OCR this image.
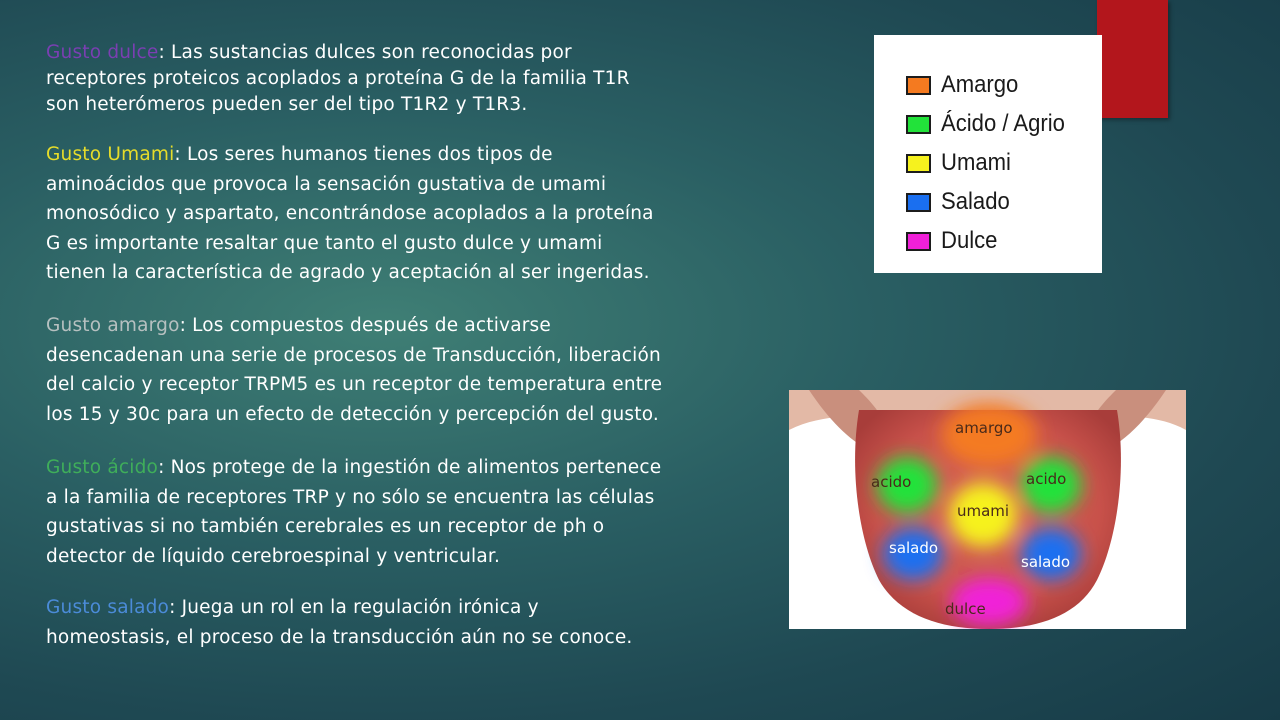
Gusto dulce: Las sustancias dulces son reconocidas por receptores proteicos acoplados a proteína G de la familia T1R son heterómeros pueden ser del tipo T1R2 y T1R3.

Gusto Umami: Los seres humanos tienes dos tipos de aminoácidos que provoca la sensación gustativa de umami monosódico y aspartato, encontrándose acoplados a la proteína G es importante resaltar que tanto el gusto dulce y umami tienen la característica de agrado y aceptación al ser ingeridas.

Gusto amargo: Los compuestos después de activarse desencadenan una serie de procesos de Transducción, liberación del calcio y receptor TRPM5 es un receptor de temperatura entre los 15 y 30c para un efecto de detección y percepción del gusto.

Gusto ácido: Nos protege de la ingestión de alimentos pertenece a la familia de receptores TRP y no sólo se encuentra las células gustativas si no también cerebrales es un receptor de ph o detector de líquido cerebroespinal y ventricular.

Gusto salado: Juega un rol en la regulación irónica y homeostasis, el proceso de la transducción aún no se conoce.

Amargo
Ácido / Agrio
Umami
Salado
Dulce
amargo
acido	acido
umami
salado
salado
dulce
